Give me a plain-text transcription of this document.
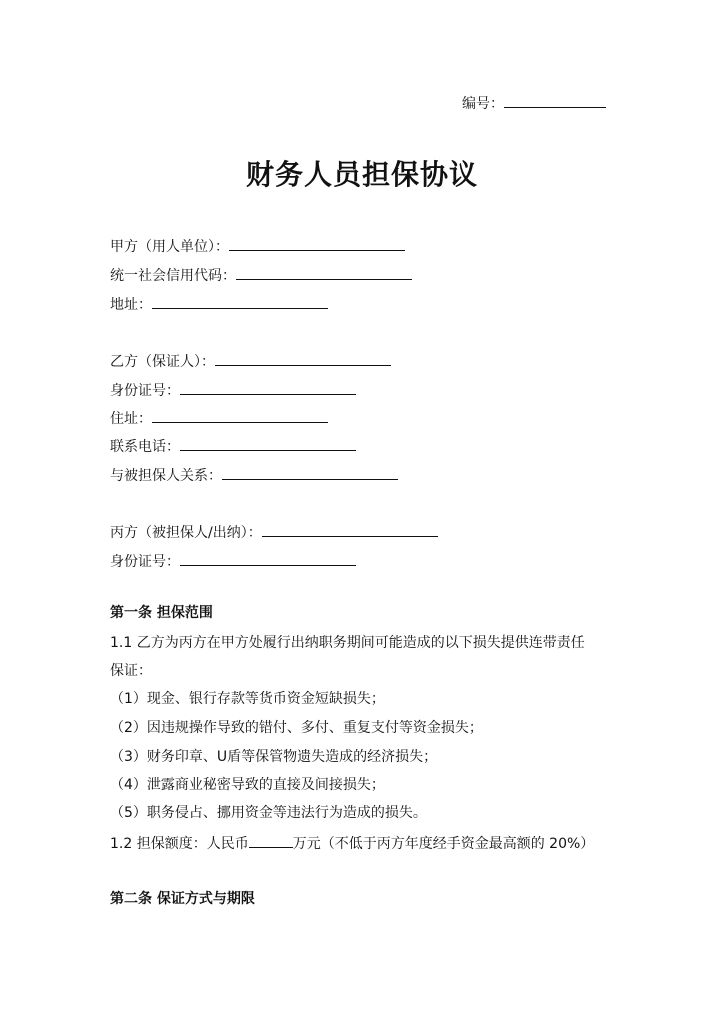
编号：
财务人员担保协议
甲方（用人单位）：
统一社会信用代码：
地址：
乙方（保证人）：
身份证号：
住址：
联系电话：
与被担保人关系：
丙方（被担保人/出纳）：
身份证号：
第一条 担保范围
1.1 乙方为丙方在甲方处履行出纳职务期间可能造成的以下损失提供连带责任
保证：
（1）现金、银行存款等货币资金短缺损失；
（2）因违规操作导致的错付、多付、重复支付等资金损失；
（3）财务印章、U盾等保管物遗失造成的经济损失；
（4）泄露商业秘密导致的直接及间接损失；
（5）职务侵占、挪用资金等违法行为造成的损失。
1.2 担保额度：人民币	万元（不低于丙方年度经手资金最高额的 20%）
第二条 保证方式与期限
